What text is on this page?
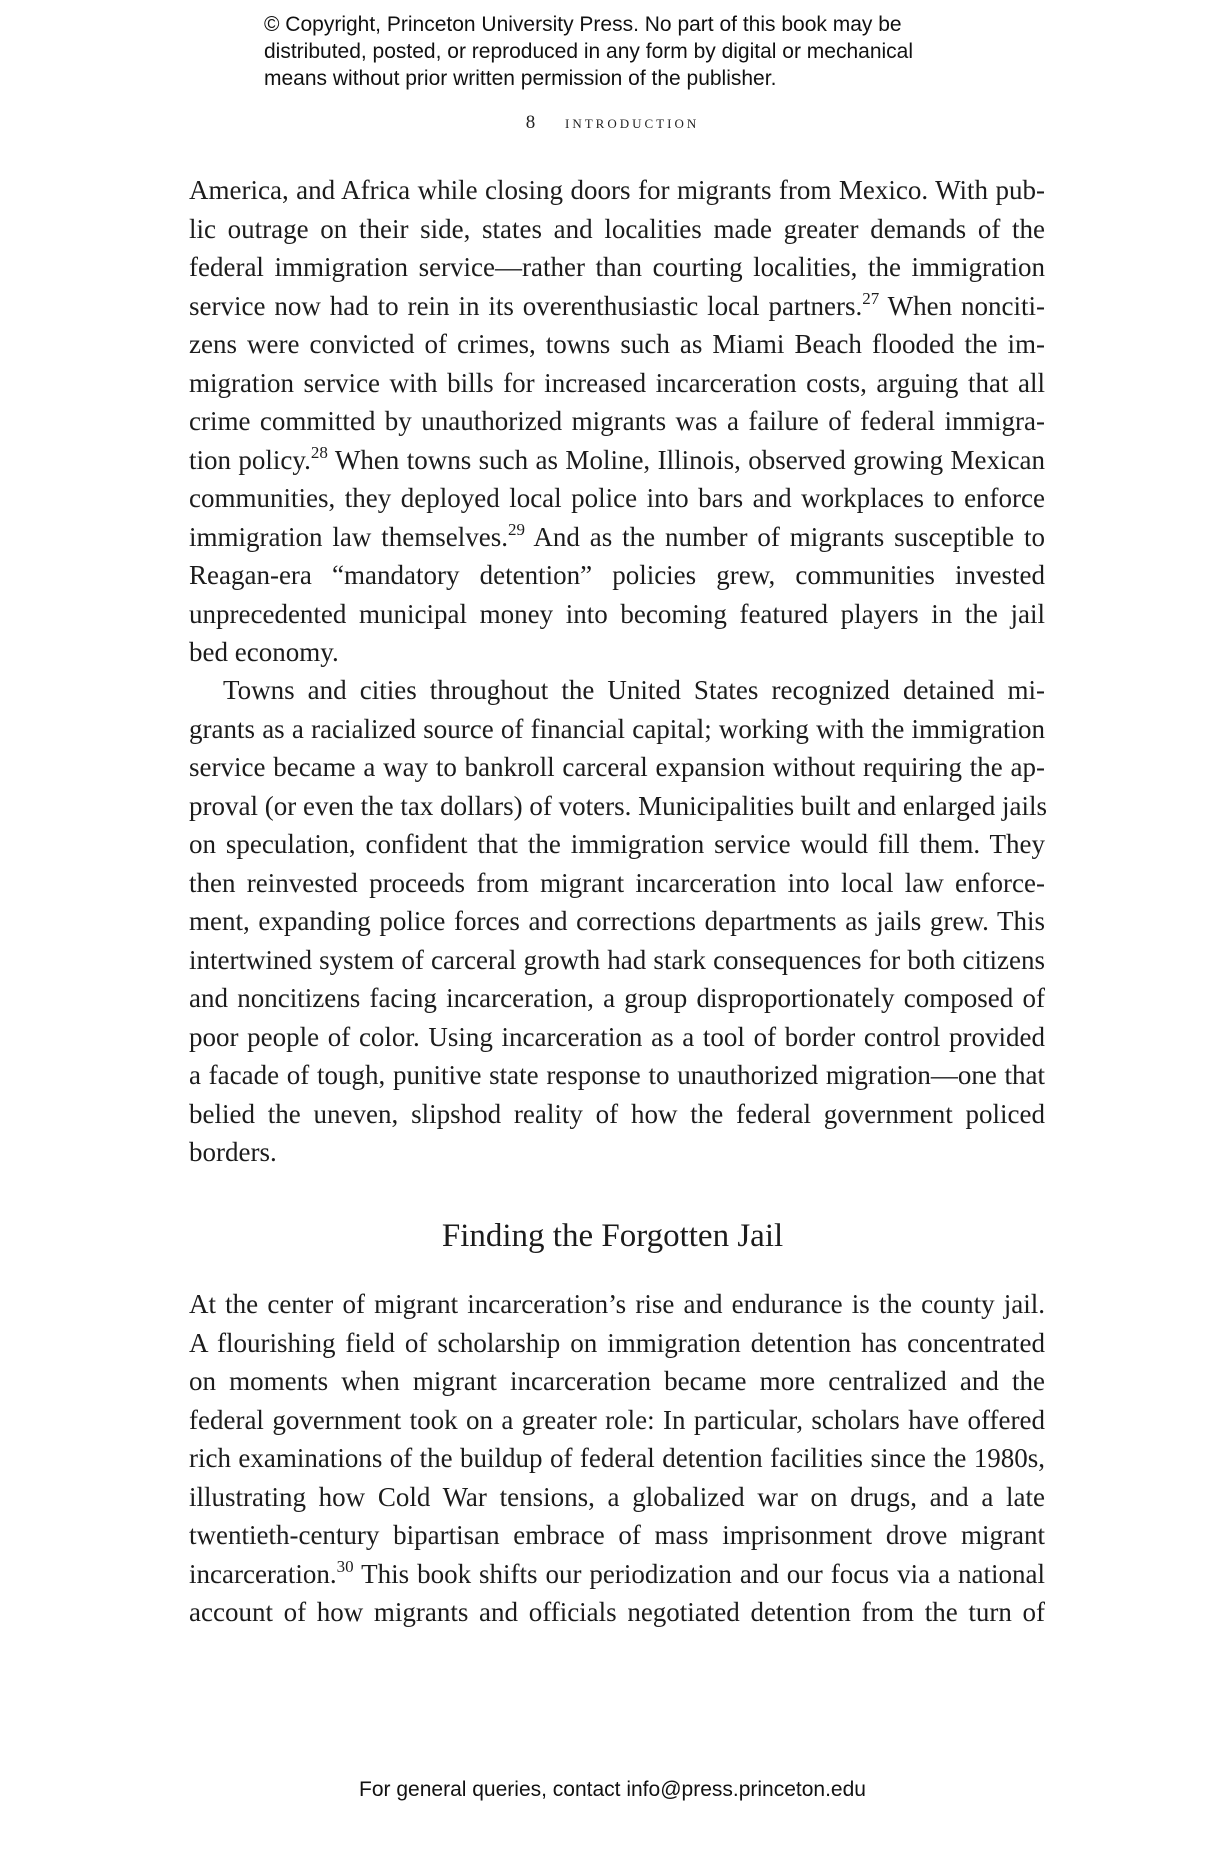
© Copyright, Princeton University Press. No part of this book may be
distributed, posted, or reproduced in any form by digital or mechanical
means without prior written permission of the publisher.
8 introduction
America, and Africa while closing doors for migrants from Mexico. With pub-
lic outrage on their side, states and localities made greater demands of the
federal immigration service—rather than courting localities, the immigration
service now had to rein in its overenthusiastic local partners.$^{27}$ When nonciti-
zens were convicted of crimes, towns such as Miami Beach flooded the im-
migration service with bills for increased incarceration costs, arguing that all
crime committed by unauthorized migrants was a failure of federal immigra-
tion policy.$^{28}$ When towns such as Moline, Illinois, observed growing Mexican
communities, they deployed local police into bars and workplaces to enforce
immigration law themselves.$^{29}$ And as the number of migrants susceptible to
Reagan-era “mandatory detention” policies grew, communities invested
unprecedented municipal money into becoming featured players in the jail
bed economy.
Towns and cities throughout the United States recognized detained mi-
grants as a racialized source of financial capital; working with the immigration
service became a way to bankroll carceral expansion without requiring the ap-
proval (or even the tax dollars) of voters. Municipalities built and enlarged jails
on speculation, confident that the immigration service would fill them. They
then reinvested proceeds from migrant incarceration into local law enforce-
ment, expanding police forces and corrections departments as jails grew. This
intertwined system of carceral growth had stark consequences for both citizens
and noncitizens facing incarceration, a group disproportionately composed of
poor people of color. Using incarceration as a tool of border control provided
a facade of tough, punitive state response to unauthorized migration—one that
belied the uneven, slipshod reality of how the federal government policed
borders.
Finding the Forgotten Jail
At the center of migrant incarceration’s rise and endurance is the county jail.
A flourishing field of scholarship on immigration detention has concentrated
on moments when migrant incarceration became more centralized and the
federal government took on a greater role: In particular, scholars have offered
rich examinations of the buildup of federal detention facilities since the 1980s,
illustrating how Cold War tensions, a globalized war on drugs, and a late
twentieth-century bipartisan embrace of mass imprisonment drove migrant
incarceration.$^{30}$ This book shifts our periodization and our focus via a national
account of how migrants and officials negotiated detention from the turn of
For general queries, contact info@press.princeton.edu
